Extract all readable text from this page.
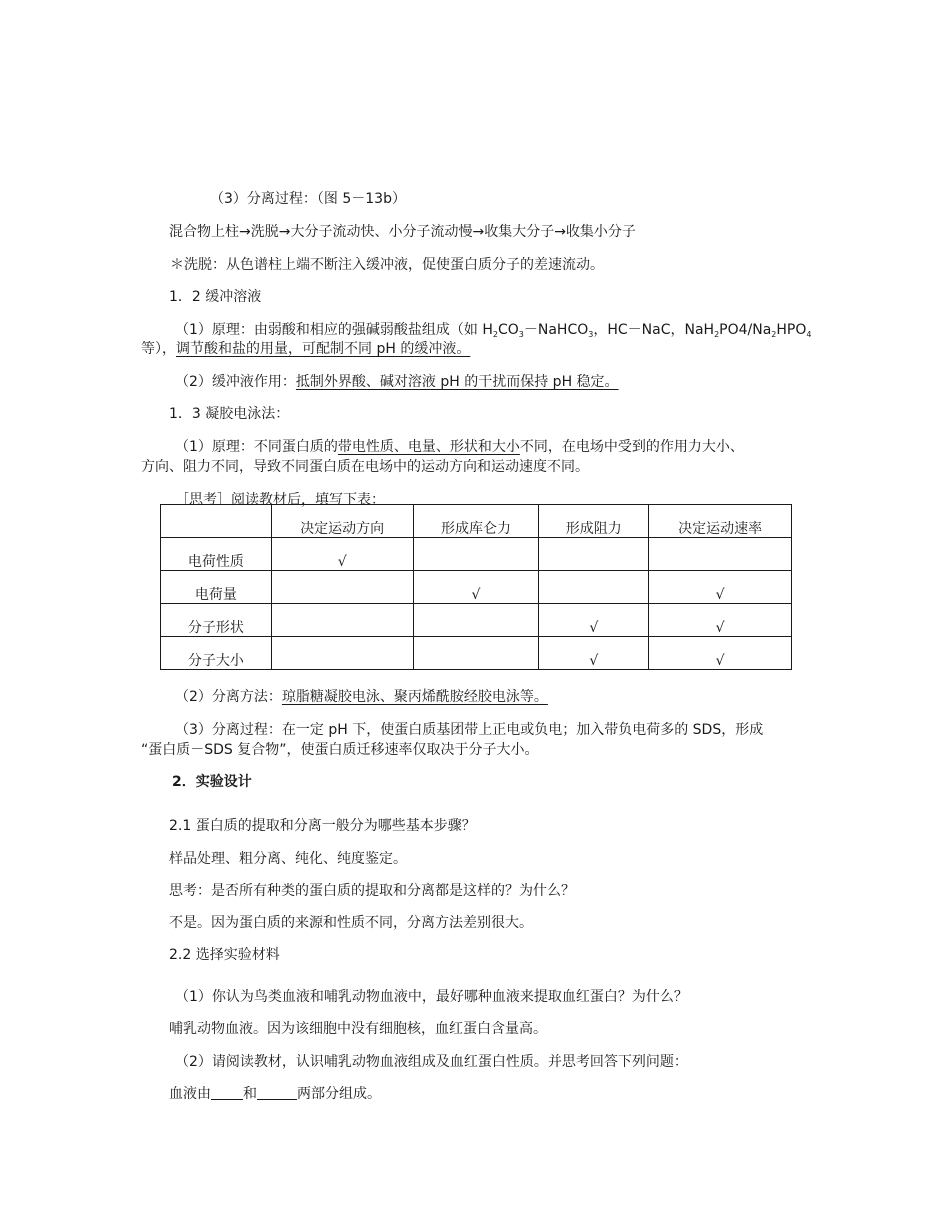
（3）分离过程：（图 5－13b）
混合物上柱→洗脱→大分子流动快、小分子流动慢→收集大分子→收集小分子
＊洗脱：从色谱柱上端不断注入缓冲液，促使蛋白质分子的差速流动。
1．2 缓冲溶液
（1）原理：由弱酸和相应的强碱弱酸盐组成（如 $H_2CO_3-NaHCO_3$，HC－NaC，$NaH_2PO4/Na_2HPO_4$
等），调节酸和盐的用量，可配制不同 pH 的缓冲液。
（2）缓冲液作用：抵制外界酸、碱对溶液 pH 的干扰而保持 pH 稳定。
1．3 凝胶电泳法：
（1）原理：不同蛋白质的带电性质、电量、形状和大小不同，在电场中受到的作用力大小、
方向、阻力不同，导致不同蛋白质在电场中的运动方向和运动速度不同。
［思考］阅读教材后，填写下表：

	决定运动方向	形成库仑力	形成阻力	决定运动速率

电荷性质	√			

电荷量		√		√

分子形状			√	√

分子大小			√	√
（2）分离方法：琼脂糖凝胶电泳、聚丙烯酰胺经胶电泳等。
（3）分离过程：在一定 pH 下，使蛋白质基团带上正电或负电；加入带负电荷多的 SDS，形成
“蛋白质－SDS 复合物”，使蛋白质迁移速率仅取决于分子大小。
2．实验设计
2.1 蛋白质的提取和分离一般分为哪些基本步骤？
样品处理、粗分离、纯化、纯度鉴定。
思考：是否所有种类的蛋白质的提取和分离都是这样的？为什么？
不是。因为蛋白质的来源和性质不同，分离方法差别很大。
2.2 选择实验材料
（1）你认为鸟类血液和哺乳动物血液中，最好哪种血液来提取血红蛋白？为什么？
哺乳动物血液。因为该细胞中没有细胞核，血红蛋白含量高。
（2）请阅读教材，认识哺乳动物血液组成及血红蛋白性质。并思考回答下列问题：
血液由 和	两部分组成。
